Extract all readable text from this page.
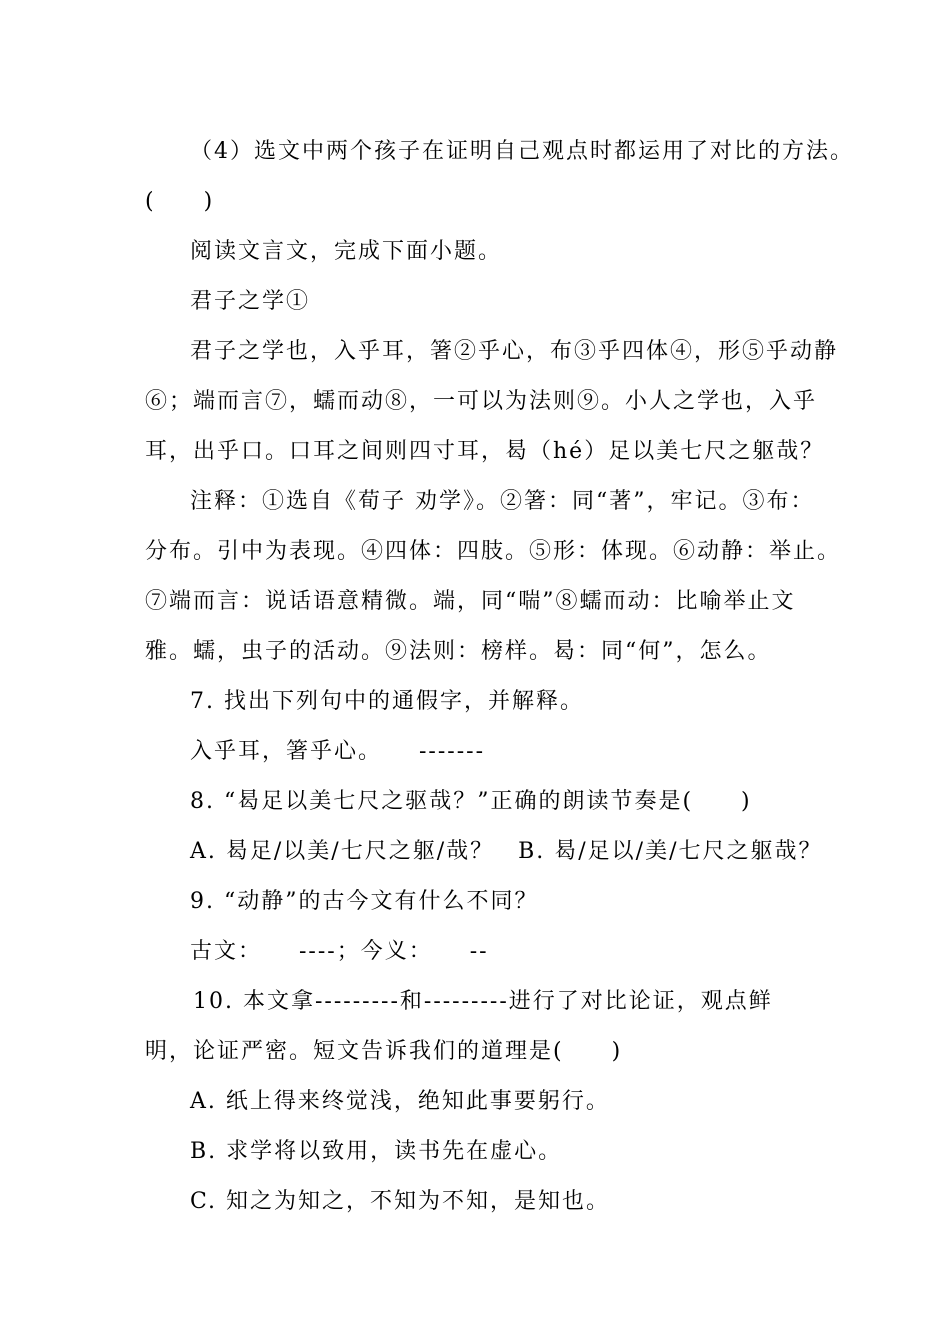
（4）选文中两个孩子在证明自己观点时都运用了对比的方法。
(　　)
阅读文言文，完成下面小题。
君子之学①
君子之学也，入乎耳，箸②乎心，布③乎四体④，形⑤乎动静
⑥；端而言⑦，蠕而动⑧，一可以为法则⑨。小人之学也，入乎
耳，出乎口。口耳之间则四寸耳，曷（hé）足以美七尺之躯哉？
注释：①选自《荀子 劝学》。②箸：同“著”，牢记。③布：
分布。引中为表现。④四体：四肢。⑤形：体现。⑥动静：举止。
⑦端而言：说话语意精微。端，同“喘”⑧蠕而动：比喻举止文
雅。蠕，虫子的活动。⑨法则：榜样。曷：同“何”，怎么。
7. 找出下列句中的通假字，并解释。
入乎耳，箸乎心。　　-------
8. “曷足以美七尺之驱哉？”正确的朗读节奏是(　　)
A. 曷足/以美/七尺之躯/哉？　B. 曷/足以/美/七尺之躯哉？
9. “动静”的古今文有什么不同？
古文：　　----；今义：　　--
10. 本文拿---------和---------进行了对比论证，观点鲜
明，论证严密。短文告诉我们的道理是(　　)
A. 纸上得来终觉浅，绝知此事要躬行。
B. 求学将以致用，读书先在虚心。
C. 知之为知之，不知为不知，是知也。
